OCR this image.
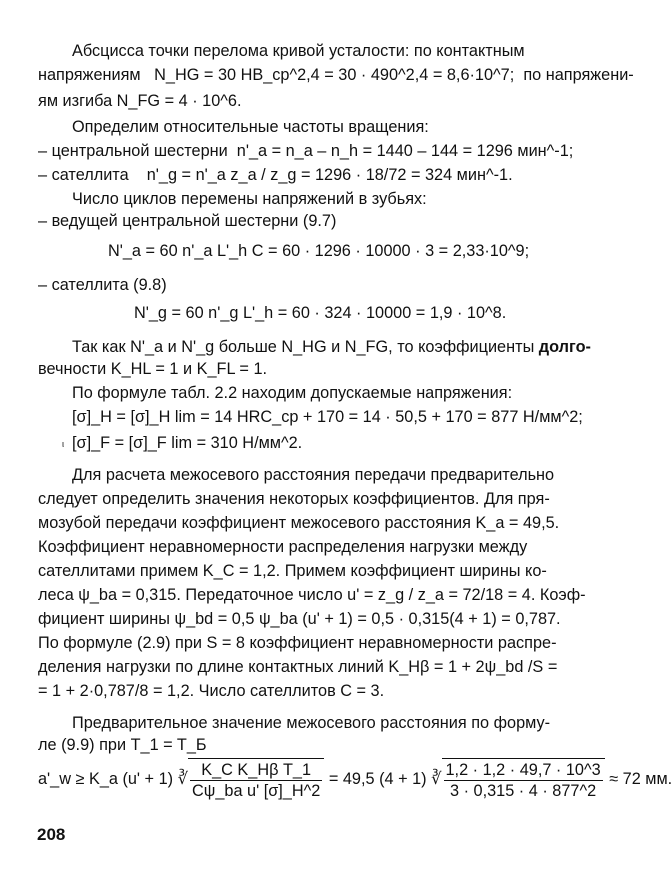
Абсцисса точки перелома кривой усталости: по контактным
напряжениям N_HG = 30 HB_ср^2,4 = 30 · 490^2,4 = 8,6·10^7; по напряжени-
ям изгиба N_FG = 4 · 10^6.
Определим относительные частоты вращения:
– центральной шестерни n'_a = n_a – n_h = 1440 – 144 = 1296 мин^-1;
– сателлита n'_g = n'_a z_a / z_g = 1296 · 18/72 = 324 мин^-1.
Число циклов перемены напряжений в зубьях:
– ведущей центральной шестерни (9.7)
N'_a = 60 n'_a L'_h C = 60 · 1296 · 10000 · 3 = 2,33·10^9;
– сателлита (9.8)
N'_g = 60 n'_g L'_h = 60 · 324 · 10000 = 1,9 · 10^8.
Так как N'_a и N'_g больше N_HG и N_FG, то коэффициенты долго-
вечности K_HL = 1 и K_FL = 1.
По формуле табл. 2.2 находим допускаемые напряжения:
[σ]_H = [σ]_H lim = 14 HRC_ср + 170 = 14 · 50,5 + 170 = 877 Н/мм^2;
ι [σ]_F = [σ]_F lim = 310 Н/мм^2.
Для расчета межосевого расстояния передачи предварительно
следует определить значения некоторых коэффициентов. Для пря-
мозубой передачи коэффициент межосевого расстояния K_a = 49,5.
Коэффициент неравномерности распределения нагрузки между
сателлитами примем K_C = 1,2. Примем коэффициент ширины ко-
леса ψ_ba = 0,315. Передаточное число u' = z_g / z_a = 72/18 = 4. Коэф-
фициент ширины ψ_bd = 0,5 ψ_ba (u' + 1) = 0,5 · 0,315(4 + 1) = 0,787.
По формуле (2.9) при S = 8 коэффициент неравномерности распре-
деления нагрузки по длине контактных линий K_Hβ = 1 + 2ψ_bd /S =
= 1 + 2·0,787/8 = 1,2. Число сателлитов C = 3.
Предварительное значение межосевого расстояния по форму-
ле (9.9) при T_1 = T_Б
a'_w ≥ K_a (u' + 1) ∛ $\frac{\text{K\_C K\_Hβ T\_1}}{\text{Cψ\_ba u' [σ]\_H\textasciicircum{}2}} = 49,5$ (4 + 1) ∛ $\frac{1,2 \cdot 1,2 \cdot 49,7 \cdot 10\^{}3}{3 \cdot 0,315 \cdot 4 \cdot 877\^{}2} \approx 72$ мм.
208
